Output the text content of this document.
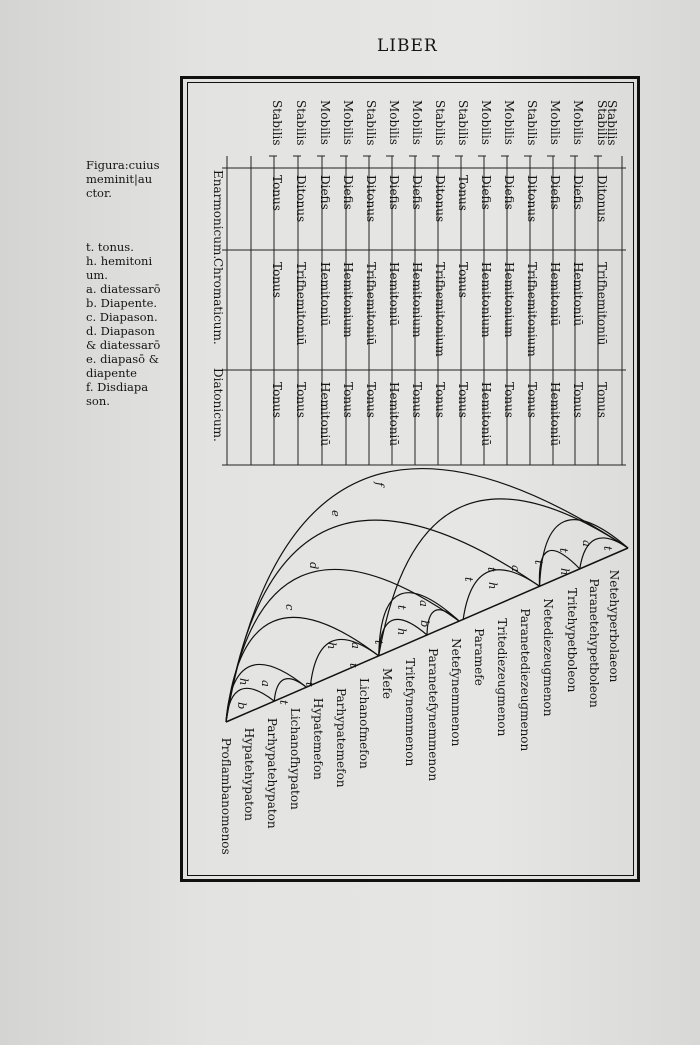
LIBER
Figura:cuius
meminit|au
ctor.
t. tonus.
h. hemitoni
um.
a. diatessarō
b. Diapente.
c. Diapason.
d. Diapason
& diatessarō
e. diapasō &
diapente
f. Disdiapa
son.
Stabilis
Stabilis
Ditonus
Trifhemitoniū
Tonus
Mobilis
Diefis
Hemitoniū
Tonus
Mobilis
Diefis
Hemitoniū
Hemitoniū
Stabilis
Ditonus
Trifhemitonium
Tonus
Mobilis
Diefis
Hemitonium
Tonus
Mobilis
Diefis
Hemitonium
Hemitoniū
Stabilis
Tonus
Tonus
Tonus
Stabilis
Ditonus
Trifhemitonium
Tonus
Mobilis
Diefis
Hemitonium
Tonus
Mobilis
Diefis
Hemitoniū
Hemitoniū
Stabilis
Ditonus
Trifhemitoniū
Tonus
Mobilis
Diefis
Hemitonium
Tonus
Mobilis
Diefis
Hemitoniū
Hemitoniū
Stabilis
Ditonus
Trifhemitoniū
Tonus
Stabilis
Tonus
Tonus
Tonus
Enarmonicum.
Chromaticum.
Diatonicum.
t
a
t
h
t
a
t
h
t
a
t
b
h
t
a
h
t
t
a
h
b t
f
e
d
c	Netehyperbolaeon
Paranetehypetboleon
Tritehypetboleon
Netediezeugmenon
Paranetediezeugmenon
Tritediezeugmenon
Paramefe
Netefynemmenon
Paranetefynemmenon
Tritefynemmenon
Mefe
Lichanofmefon
Parhypatemefon
Hypatemefon
Lichanofhypaton
Parhypatehypaton
Hypatehypaton
Proflambanomenos
